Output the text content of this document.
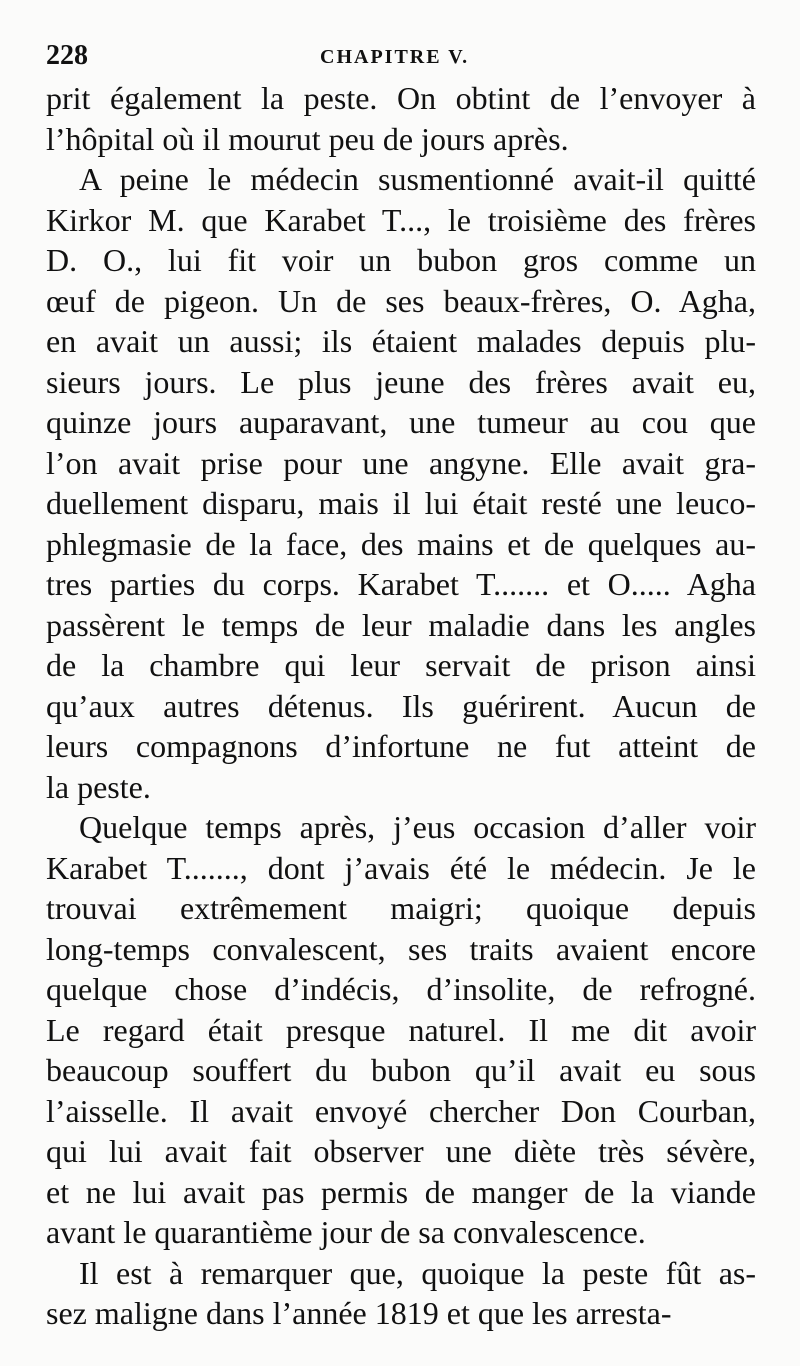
228	CHAPITRE V.
prit également la peste. On obtint de l’envoyer à
l’hôpital où il mourut peu de jours après.
A peine le médecin susmentionné avait-il quitté
Kirkor M. que Karabet T..., le troisième des frères
D. O., lui fit voir un bubon gros comme un
œuf de pigeon. Un de ses beaux-frères, O. Agha,
en avait un aussi; ils étaient malades depuis plu-
sieurs jours. Le plus jeune des frères avait eu,
quinze jours auparavant, une tumeur au cou que
l’on avait prise pour une angyne. Elle avait gra-
duellement disparu, mais il lui était resté une leuco-
phlegmasie de la face, des mains et de quelques au-
tres parties du corps. Karabet T....... et O..... Agha
passèrent le temps de leur maladie dans les angles
de la chambre qui leur servait de prison ainsi
qu’aux autres détenus. Ils guérirent. Aucun de
leurs compagnons d’infortune ne fut atteint de
la peste.
Quelque temps après, j’eus occasion d’aller voir
Karabet T......., dont j’avais été le médecin. Je le
trouvai extrêmement maigri; quoique depuis
long-temps convalescent, ses traits avaient encore
quelque chose d’indécis, d’insolite, de refrogné.
Le regard était presque naturel. Il me dit avoir
beaucoup souffert du bubon qu’il avait eu sous
l’aisselle. Il avait envoyé chercher Don Courban,
qui lui avait fait observer une diète très sévère,
et ne lui avait pas permis de manger de la viande
avant le quarantième jour de sa convalescence.
Il est à remarquer que, quoique la peste fût as-
sez maligne dans l’année 1819 et que les arresta-
